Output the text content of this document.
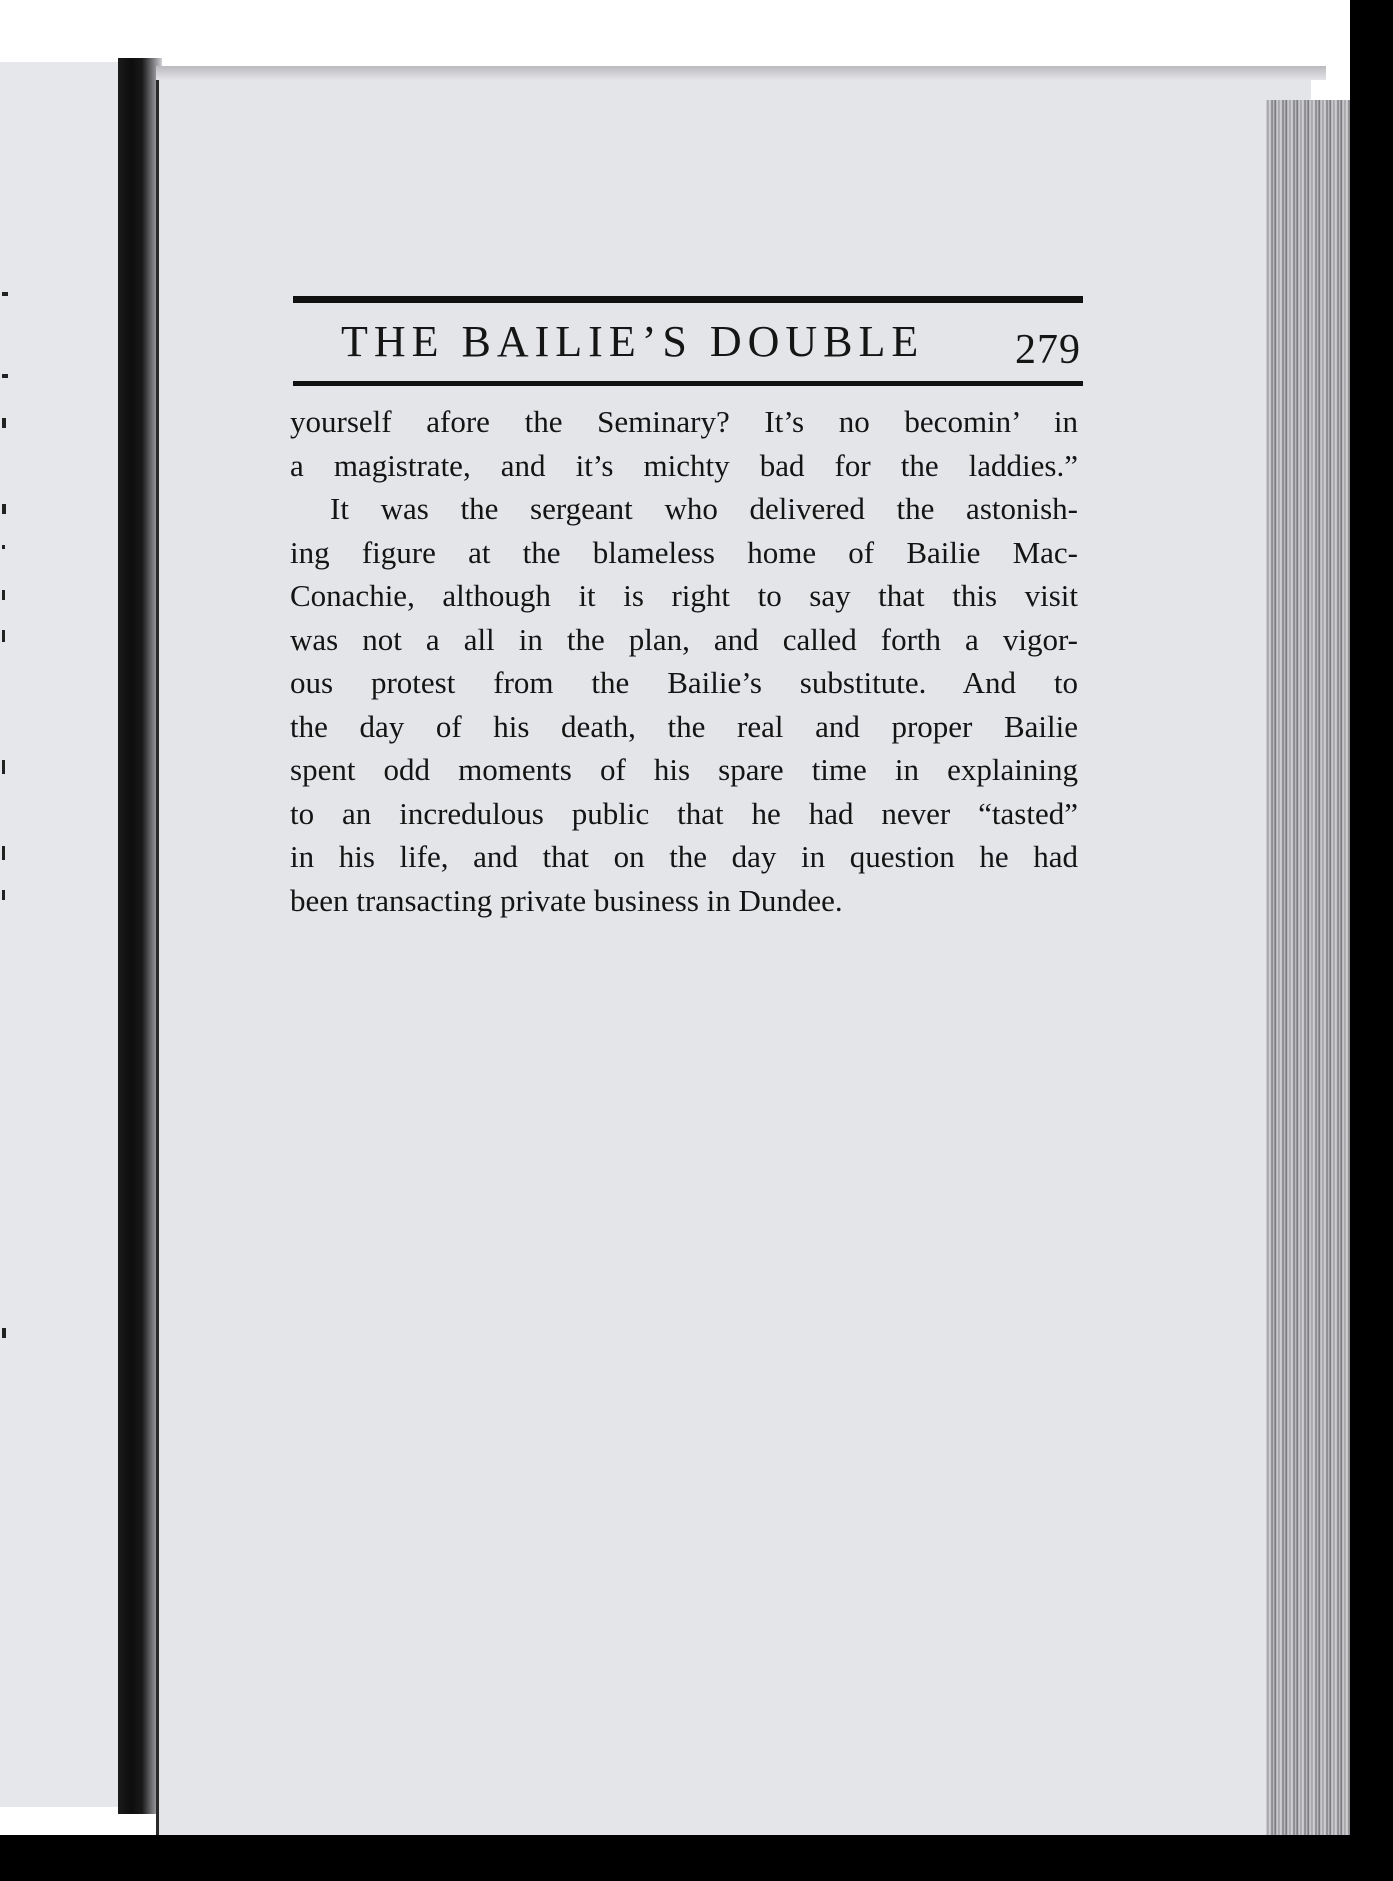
THE BAILIE’S DOUBLE 279
yourself afore the Seminary? It’s no becomin’ in
a magistrate, and it’s michty bad for the laddies.”
It was the sergeant who delivered the astonish-
ing figure at the blameless home of Bailie Mac-
Conachie, although it is right to say that this visit
was not a all in the plan, and called forth a vigor-
ous protest from the Bailie’s substitute. And to
the day of his death, the real and proper Bailie
spent odd moments of his spare time in explaining
to an incredulous public that he had never “tasted”
in his life, and that on the day in question he had
been transacting private business in Dundee.
